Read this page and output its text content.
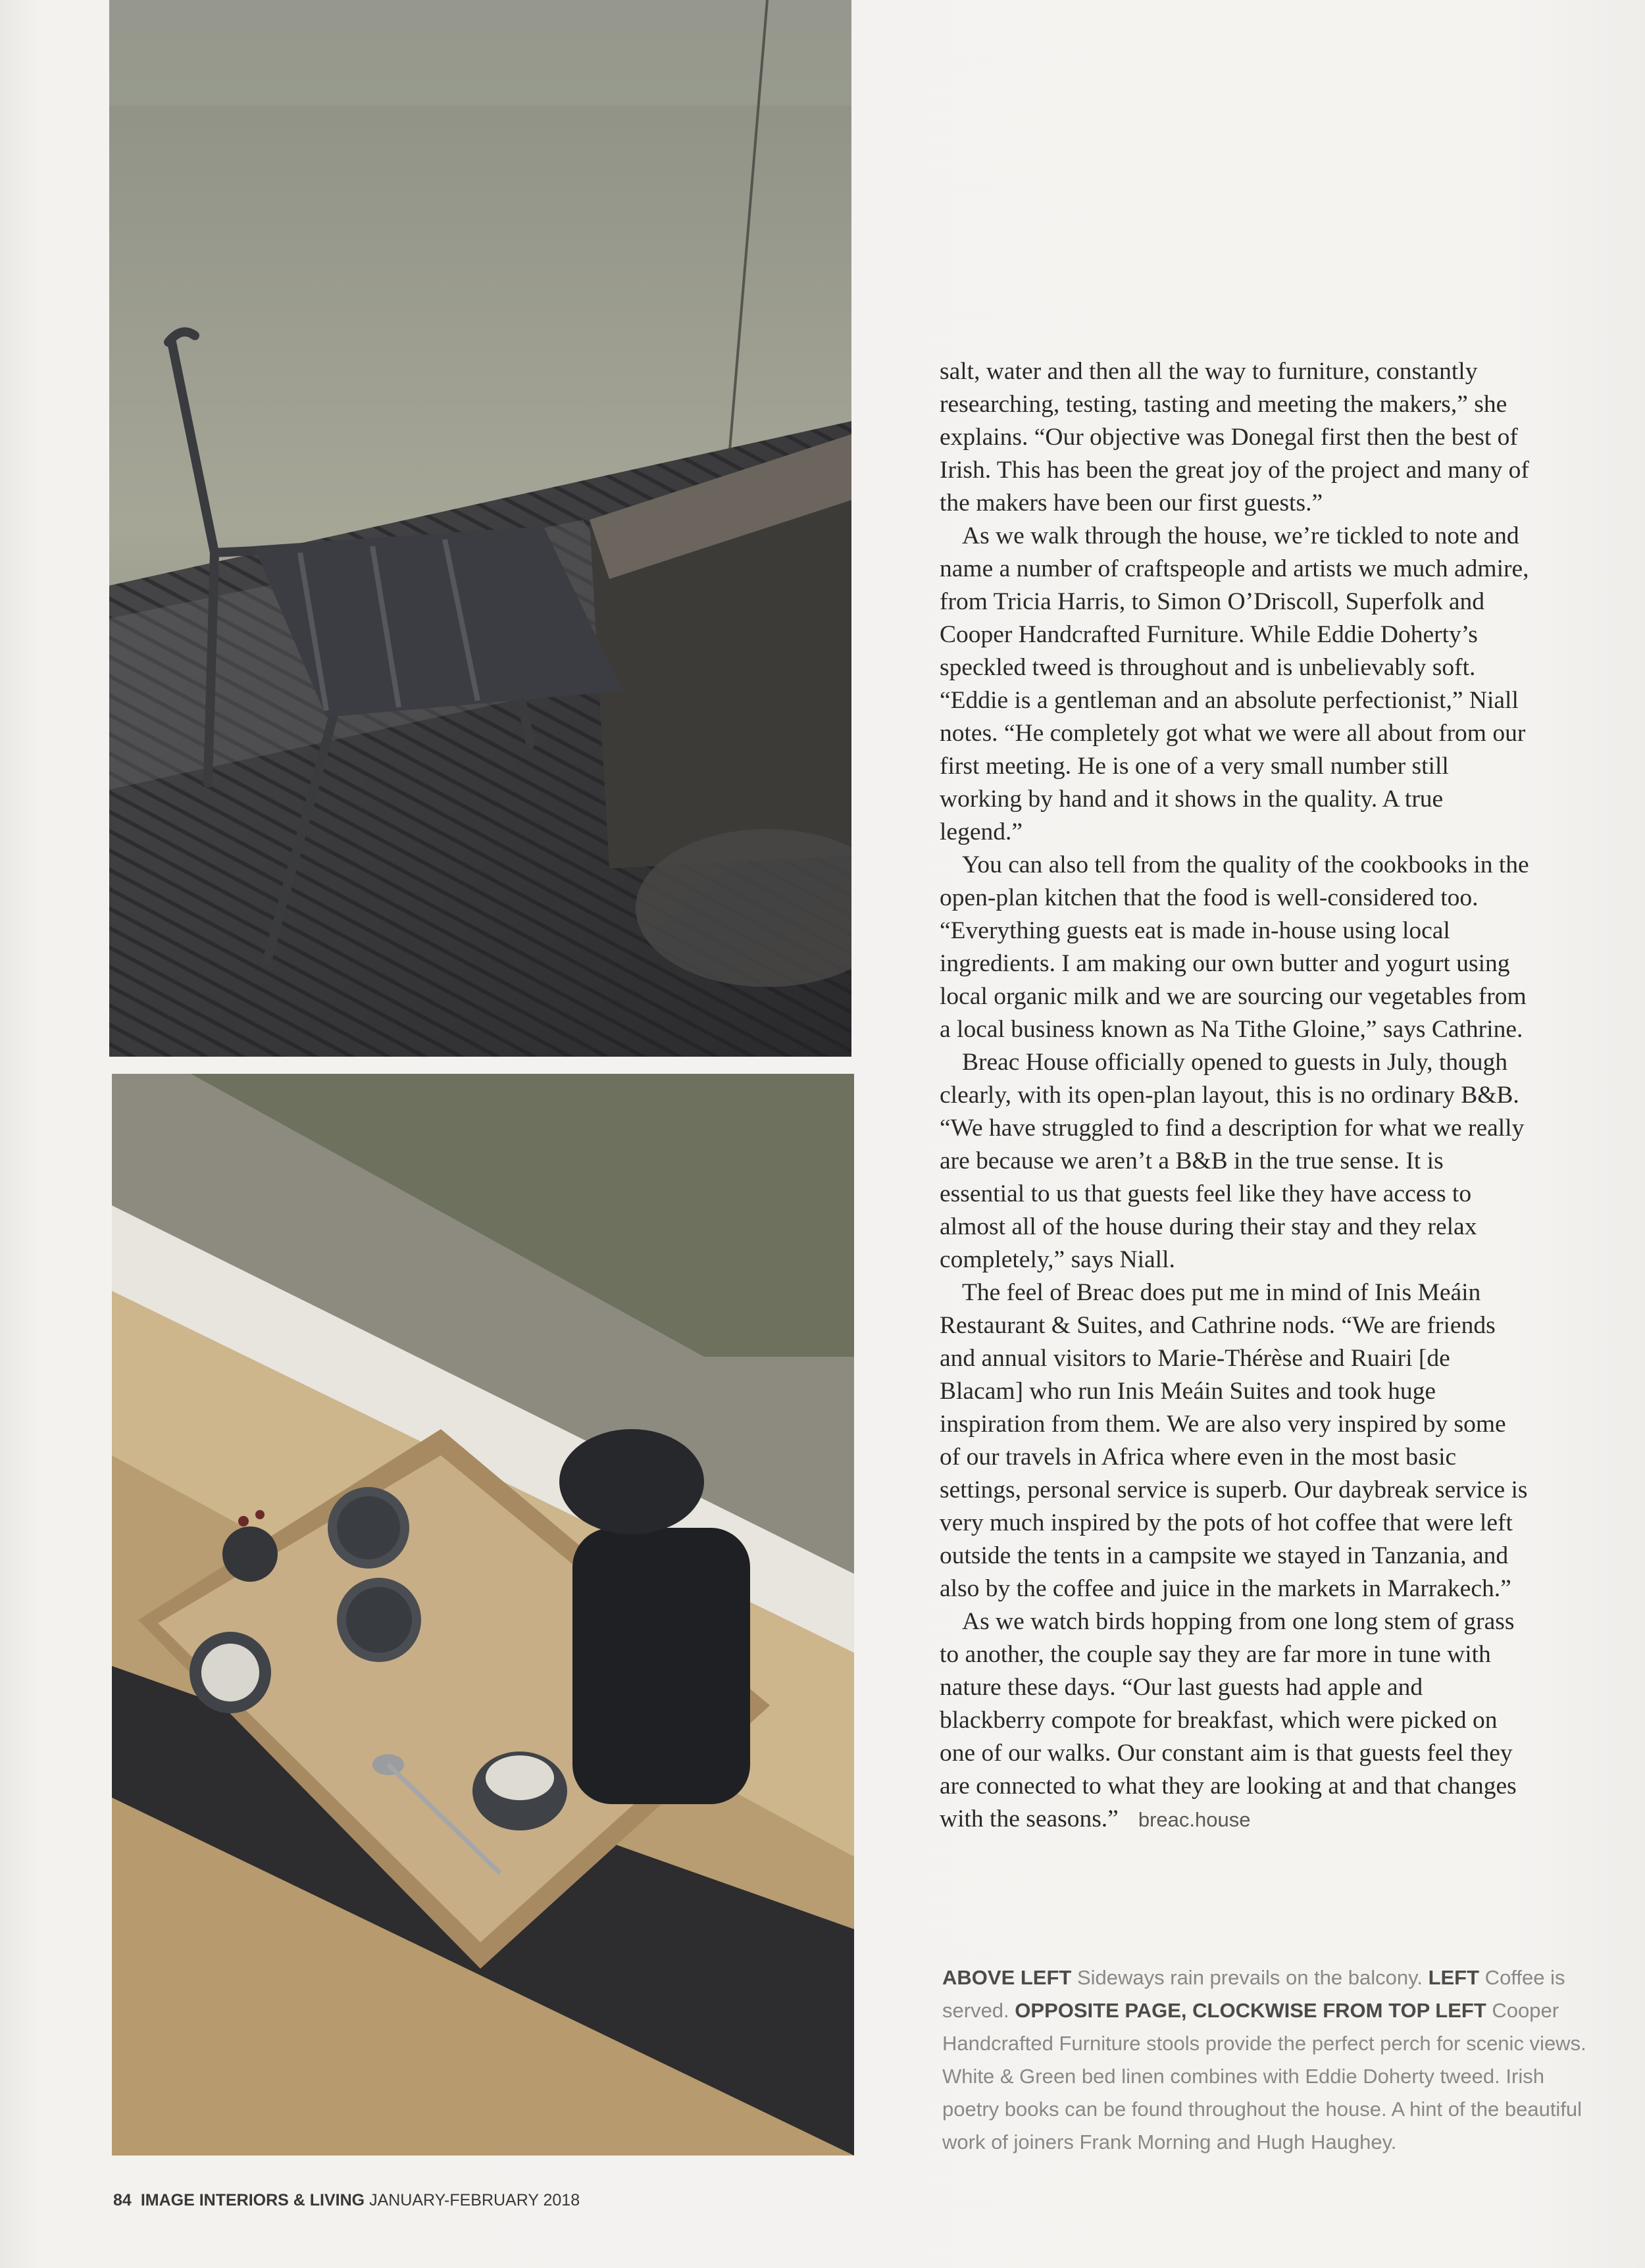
salt, water and then all the way to furniture, constantly researching, testing, tasting and meeting the makers,” she explains. “Our objective was Donegal first then the best of Irish. This has been the great joy of the project and many of the makers have been our first guests.”

As we walk through the house, we’re tickled to note and name a number of craftspeople and artists we much admire, from Tricia Harris, to Simon O’Driscoll, Superfolk and Cooper Handcrafted Furniture. While Eddie Doherty’s speckled tweed is throughout and is unbelievably soft. “Eddie is a gentleman and an absolute perfectionist,” Niall notes. “He completely got what we were all about from our first meeting. He is one of a very small number still working by hand and it shows in the quality. A true legend.”

You can also tell from the quality of the cookbooks in the open-plan kitchen that the food is well-considered too. “Everything guests eat is made in-house using local ingredients. I am making our own butter and yogurt using local organic milk and we are sourcing our vegetables from a local business known as Na Tithe Gloine,” says Cathrine.

Breac House officially opened to guests in July, though clearly, with its open-plan layout, this is no ordinary B&B. “We have struggled to find a description for what we really are because we aren’t a B&B in the true sense. It is essential to us that guests feel like they have access to almost all of the house during their stay and they relax completely,” says Niall.

The feel of Breac does put me in mind of Inis Meáin Restaurant & Suites, and Cathrine nods. “We are friends and annual visitors to Marie-Thérèse and Ruairi [de Blacam] who run Inis Meáin Suites and took huge inspiration from them. We are also very inspired by some of our travels in Africa where even in the most basic settings, personal service is superb. Our daybreak service is very much inspired by the pots of hot coffee that were left outside the tents in a campsite we stayed in Tanzania, and also by the coffee and juice in the markets in Marrakech.”

As we watch birds hopping from one long stem of grass to another, the couple say they are far more in tune with nature these days. “Our last guests had apple and blackberry compote for breakfast, which were picked on one of our walks. Our constant aim is that guests feel they are connected to what they are looking at and that changes with the seasons.” breac.house

ABOVE LEFT Sideways rain prevails on the balcony. LEFT Coffee is served. OPPOSITE PAGE, CLOCKWISE FROM TOP LEFT Cooper Handcrafted Furniture stools provide the perfect perch for scenic views. White & Green bed linen combines with Eddie Doherty tweed. Irish poetry books can be found throughout the house. A hint of the beautiful work of joiners Frank Morning and Hugh Haughey.
84 IMAGE INTERIORS & LIVING JANUARY-FEBRUARY 2018
